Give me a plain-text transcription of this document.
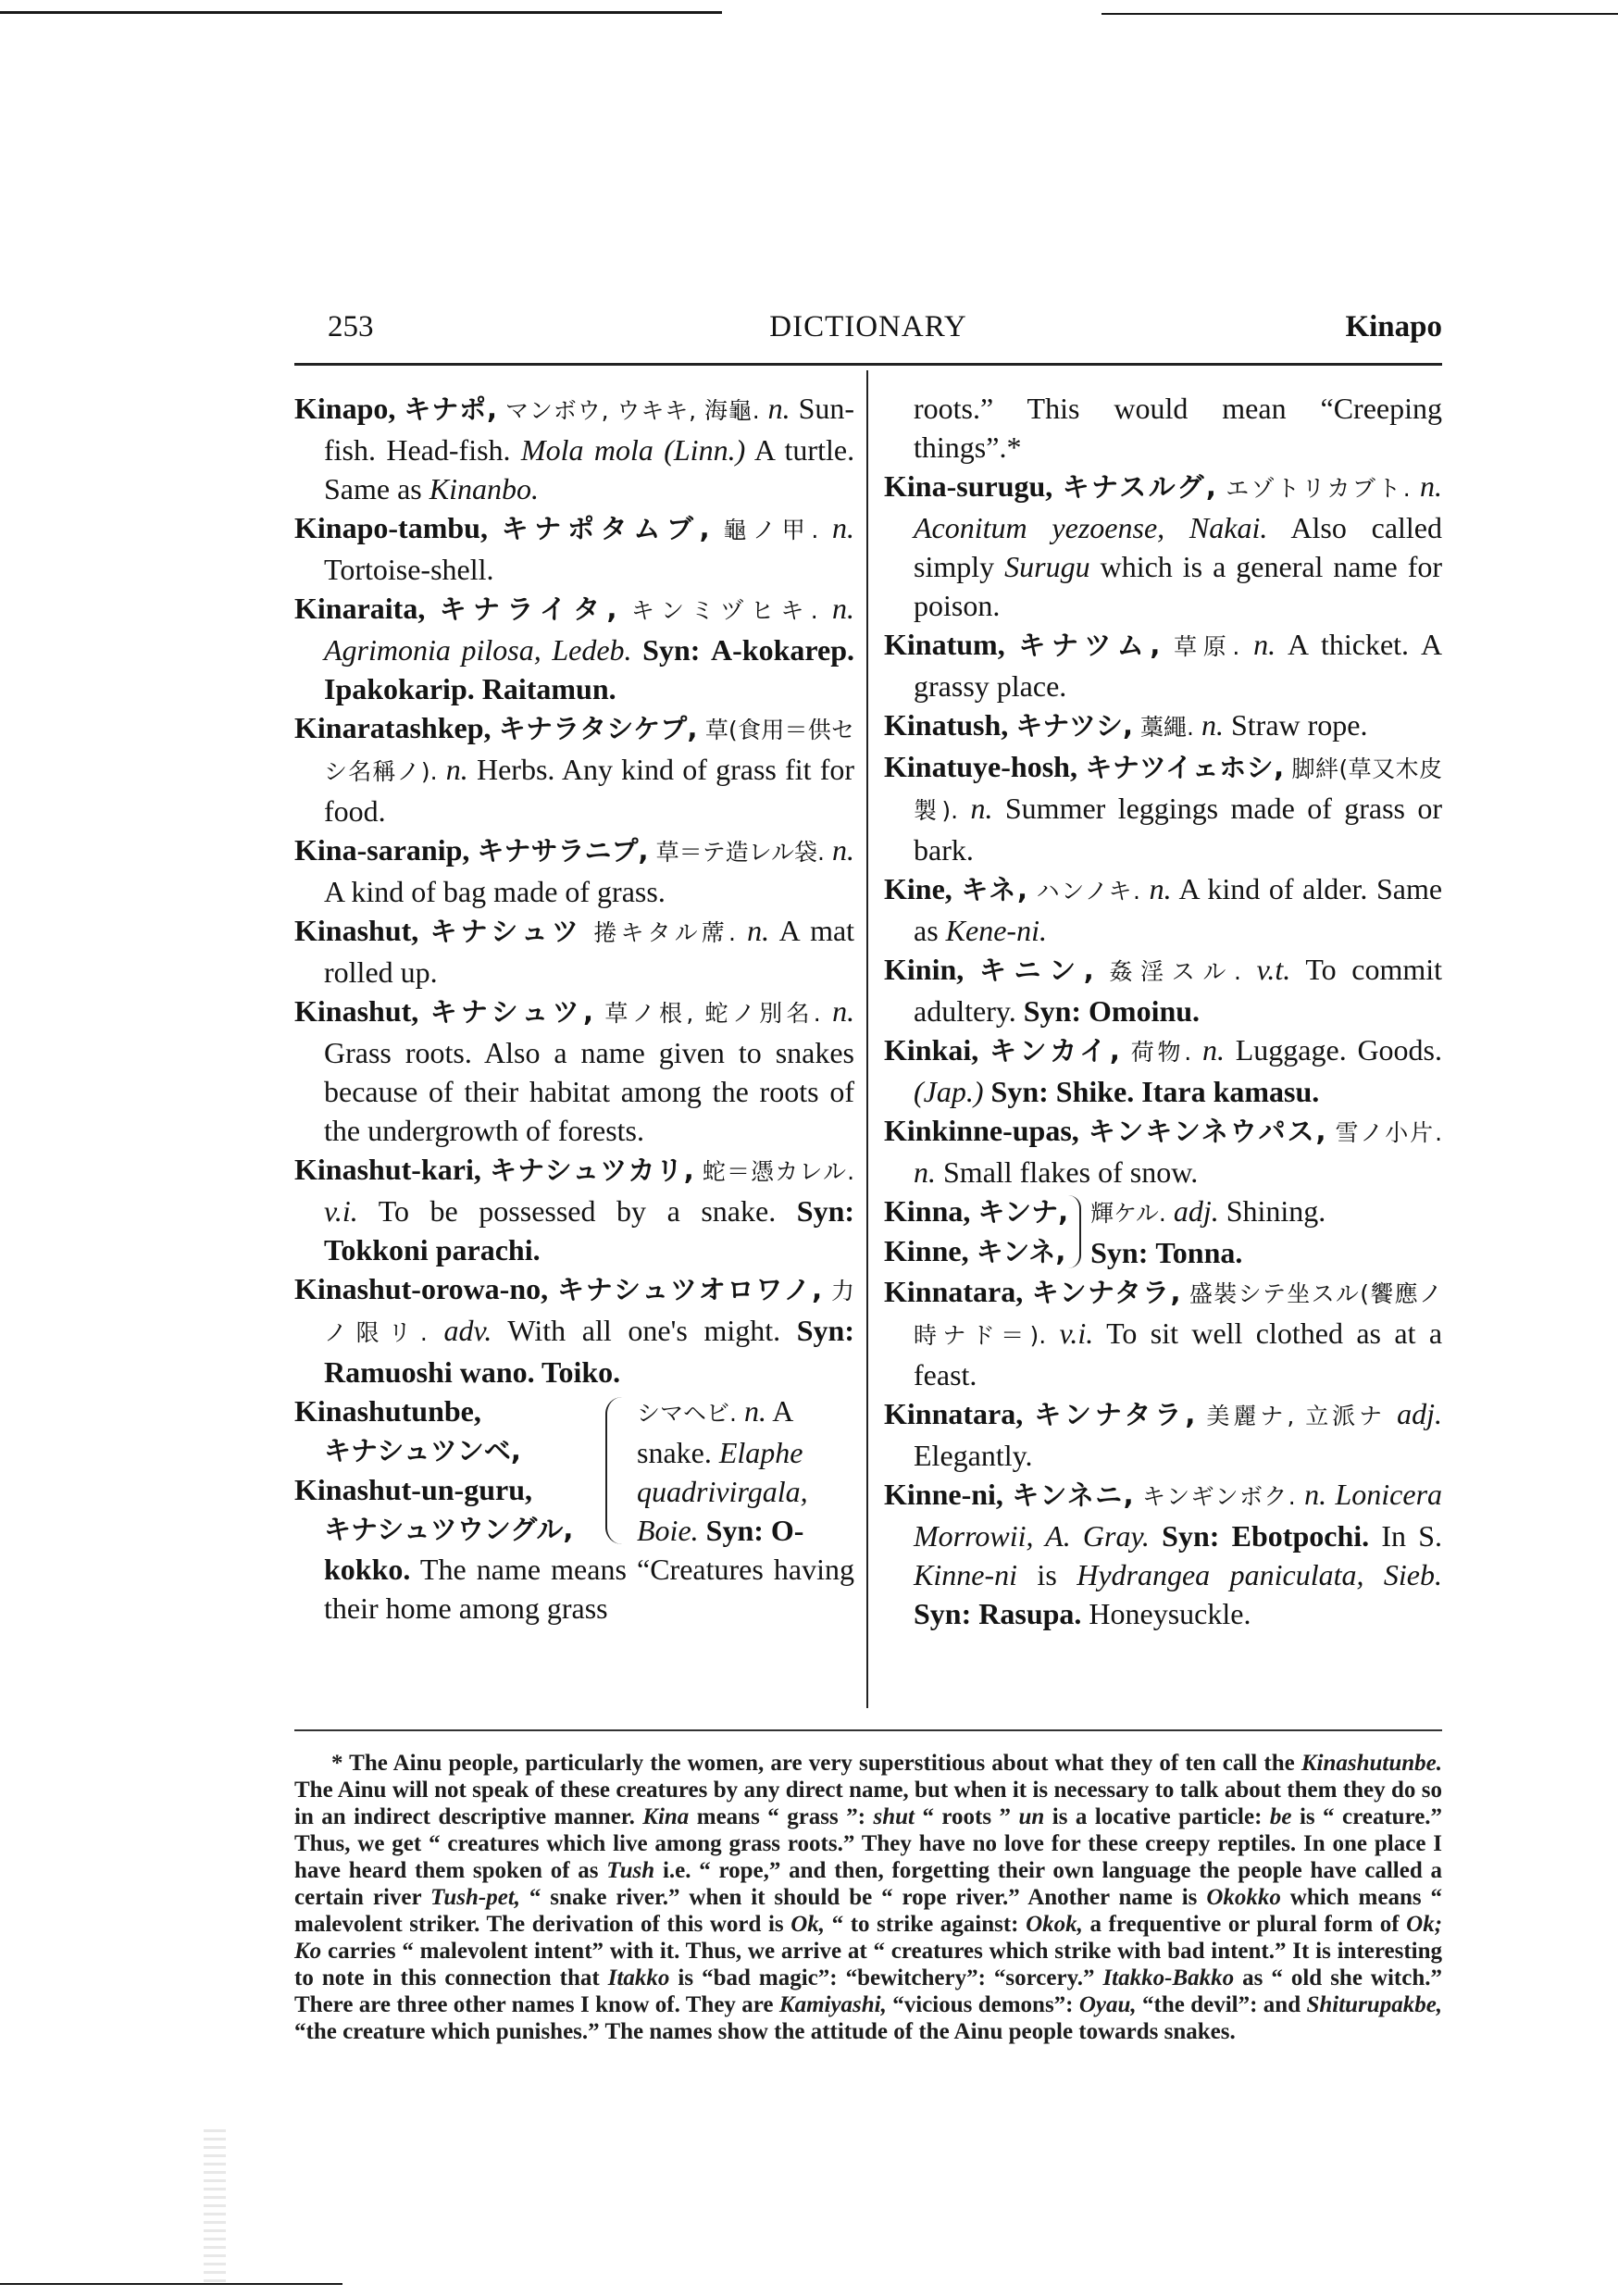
253	DICTIONARY	Kinapo

Kinapo, キナポ, マンボウ, ウキキ, 海龜. n. Sun-fish. Head-fish. Mola mola (Linn.) A turtle. Same as Kinanbo.

Kinapo-tambu, キナポタムブ, 龜ノ甲. n. Tortoise-shell.

Kinaraita, キナライタ, キンミヅヒキ. n. Agrimonia pilosa, Ledeb. Syn: A-kokarep. Ipakokarip. Raitamun.

Kinaratashkep, キナラタシケプ, 草(食用＝供セシ名稱ノ). n. Herbs. Any kind of grass fit for food.

Kina-saranip, キナサラニプ, 草＝テ造レル袋. n. A kind of bag made of grass.

Kinashut, キナシュツ 捲キタル蓆. n. A mat rolled up.

Kinashut, キナシュツ, 草ノ根, 蛇ノ別名. n. Grass roots. Also a name given to snakes because of their habitat among the roots of the undergrowth of forests.

Kinashut-kari, キナシュツカリ, 蛇＝憑カレル. v.i. To be possessed by a snake. Syn: Tokkoni parachi.

Kinashut-orowa-no, キナシュツオロワノ, 力ノ限リ. adv. With all one's might. Syn: Ramuoshi wano. Toiko.

Kinashutunbe,
キナシュツンベ,
Kinashut-un-guru,
キナシュツウングル,
シマヘビ. n. A snake. Elaphe quadrivirgala, Boie. Syn: O-

kokko. The name means “Creatures having their home among grass

roots.” This would mean “Creeping things”.*

Kina-surugu, キナスルグ, エゾトリカブト. n. Aconitum yezoense, Nakai. Also called simply Surugu which is a general name for poison.

Kinatum, キナツム, 草原. n. A thicket. A grassy place.

Kinatush, キナツシ, 藁繩. n. Straw rope.

Kinatuye-hosh, キナツイェホシ, 脚絆(草又木皮製). n. Summer leggings made of grass or bark.

Kine, キネ, ハンノキ. n. A kind of alder. Same as Kene-ni.

Kinin, キニン, 姦淫スル. v.t. To commit adultery. Syn: Omoinu.

Kinkai, キンカイ, 荷物. n. Luggage. Goods. (Jap.) Syn: Shike. Itara kamasu.

Kinkinne-upas, キンキンネウパス, 雪ノ小片. n. Small flakes of snow.

Kinna, キンナ,
Kinne, キンネ,
輝ケル. adj. Shining.
Syn: Tonna.

Kinnatara, キンナタラ, 盛裝シテ坐スル(饗應ノ時ナド＝). v.i. To sit well clothed as at a feast.

Kinnatara, キンナタラ, 美麗ナ, 立派ナ adj. Elegantly.

Kinne-ni, キンネニ, キンギンボク. n. Lonicera Morrowii, A. Gray. Syn: Ebotpochi. In S. Kinne-ni is Hydrangea paniculata, Sieb. Syn: Rasupa. Honeysuckle.

* The Ainu people, particularly the women, are very superstitious about what they of ten call the Kinashutunbe. The Ainu will not speak of these creatures by any direct name, but when it is necessary to talk about them they do so in an indirect descriptive manner. Kina means “ grass ”: shut “ roots ” un is a locative particle: be is “ creature.” Thus, we get “ creatures which live among grass roots.” They have no love for these creepy reptiles. In one place I have heard them spoken of as Tush i.e. “ rope,” and then, forgetting their own language the people have called a certain river Tush-pet, “ snake river.” when it should be “ rope river.” Another name is Okokko which means “ malevolent striker. The derivation of this word is Ok, “ to strike against: Okok, a frequentive or plural form of Ok; Ko carries “ malevolent intent” with it. Thus, we arrive at “ creatures which strike with bad intent.” It is interesting to note in this connection that Itakko is “bad magic”: “bewitchery”: “sorcery.” Itakko-Bakko as “ old she witch.” There are three other names I know of. They are Kamiyashi, “vicious demons”: Oyau, “the devil”: and Shiturupakbe, “the creature which punishes.” The names show the attitude of the Ainu people towards snakes.
